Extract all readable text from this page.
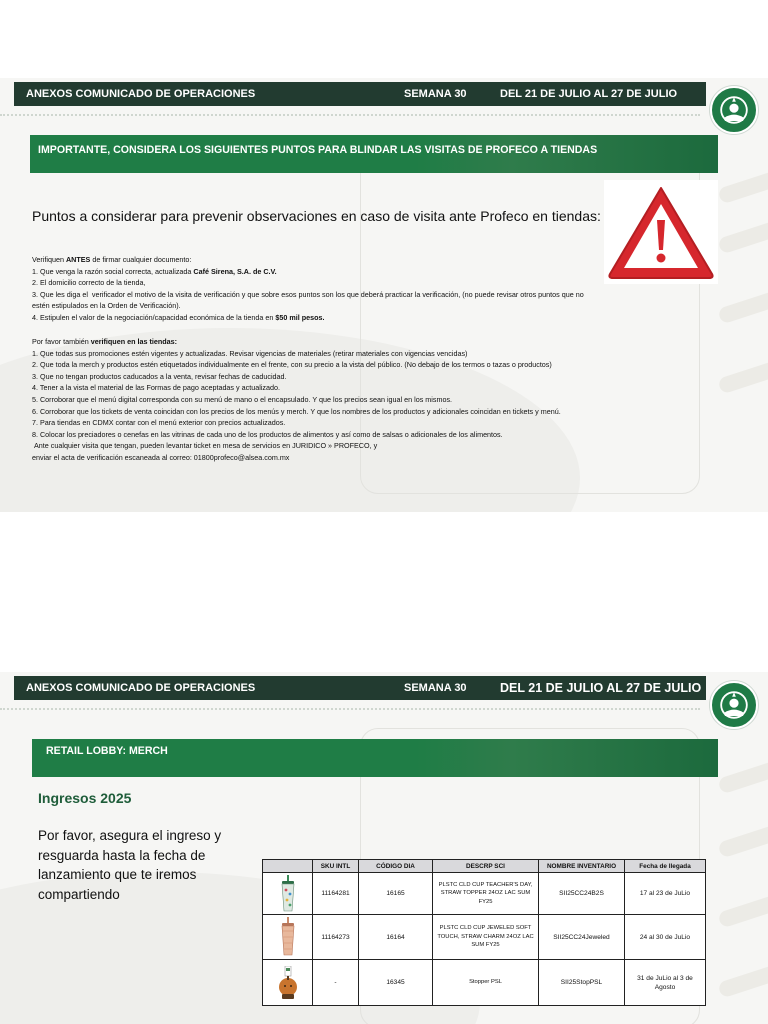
ANEXOS COMUNICADO DE OPERACIONES	SEMANA 30	DEL 21 DE JULIO AL 27 DE JULIO
IMPORTANTE, CONSIDERA LOS SIGUIENTES PUNTOS PARA BLINDAR LAS VISITAS DE PROFECO A TIENDAS
Puntos a considerar para prevenir observaciones en caso de visita ante Profeco en tiendas:

Verifiquen ANTES de firmar cualquier documento:

1. Que venga la razón social correcta, actualizada Café Sirena, S.A. de C.V.

2. El domicilio correcto de la tienda,

3. Que les diga el  verificador el motivo de la visita de verificación y que sobre esos puntos son los que deberá practicar la verificación, (no puede revisar otros puntos que no

estén estipulados en la Orden de Verificación).

4. Estipulen el valor de la negociación/capacidad económica de la tienda en $50 mil pesos.

Por favor también verifiquen en las tiendas:

1. Que todas sus promociones estén vigentes y actualizadas. Revisar vigencias de materiales (retirar materiales con vigencias vencidas)

2. Que toda la merch y productos estén etiquetados individualmente en el frente, con su precio a la vista del público. (No debajo de los termos o tazas o productos)

3. Que no tengan productos caducados a la venta, revisar fechas de caducidad.

4. Tener a la vista el material de las Formas de pago aceptadas y actualizado.

5. Corroborar que el menú digital corresponda con su menú de mano o el encapsulado. Y que los precios sean igual en los mismos.

6. Corroborar que los tickets de venta coincidan con los precios de los menús y merch. Y que los nombres de los productos y adicionales coincidan en tickets y menú.

7. Para tiendas en CDMX contar con el menú exterior con precios actualizados.

8. Colocar los preciadores o cenefas en las vitrinas de cada uno de los productos de alimentos y así como de salsas o adicionales de los alimentos.

Ante cualquier visita que tengan, pueden levantar ticket en mesa de servicios en JURIDICO » PROFECO, y

enviar el acta de verificación escaneada al correo: 01800profeco@alsea.com.mx

ANEXOS COMUNICADO DE OPERACIONES	SEMANA 30	DEL 21 DE JULIO AL 27 DE JULIO
RETAIL LOBBY: MERCH
Ingresos 2025
Por favor, asegura el ingreso y resguarda hasta la fecha de lanzamiento que te iremos compartiendo
	SKU INTL	CÓDIGO DIA	DESCRP SCI	NOMBRE INVENTARIO	Fecha de llegada

	11164281	16165	PLSTC CLD CUP TEACHER'S DAY, STRAW TOPPER 24OZ LAC SUM FY25	SII25CC24B2S	17 al 23 de JuLio

	11164273	16164	PLSTC CLD CUP JEWELED SOFT TOUCH, STRAW CHARM 24OZ LAC SUM FY25	SII25CC24Jeweled	24 al 30 de JuLio

	-	16345	Stopper PSL	SII25StopPSL	31 de JuLio al 3 de Agosto
